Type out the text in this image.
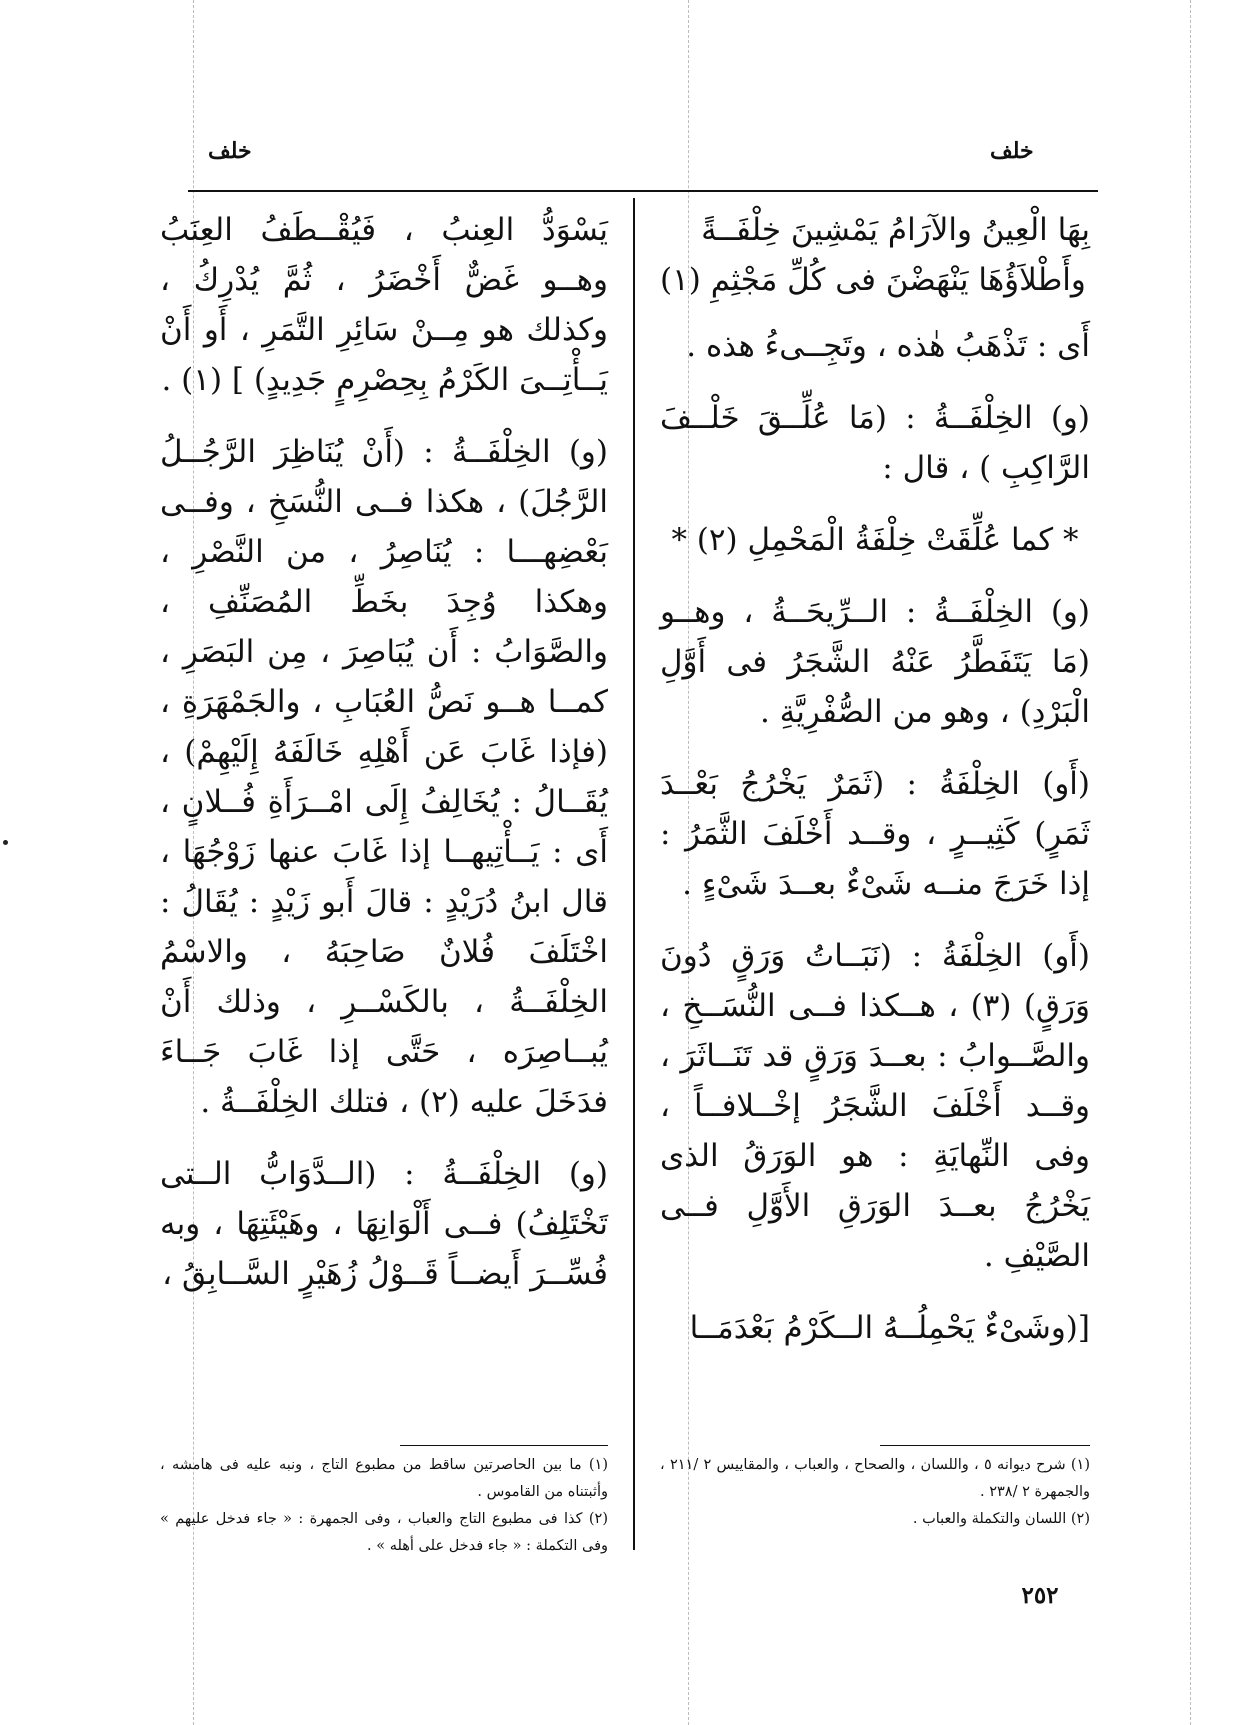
خلف
خلف
بِهَا الْعِينُ والآرَامُ يَمْشِينَ خِلْفَــةً
وأَطْلاَؤُهَا يَنْهَضْنَ فى كُلِّ مَجْثِمِ (١)

أَى : تَذْهَبُ هٰذه ، وتَجِــىءُ هذه .

(و) الخِلْفَــةُ : (مَا عُلِّــقَ خَلْــفَ الرَّاكِبِ ) ، قال :

* كما عُلِّقَتْ خِلْفَةُ الْمَحْمِلِ (٢) *

(و) الخِلْفَــةُ : الــرِّيحَــةُ ، وهــو (مَا يَتَفَطَّرُ عَنْهُ الشَّجَرُ فى أَوَّلِ الْبَرْدِ) ، وهو من الصُّفْرِيَّةِ .

(أَو) الخِلْفَةُ : (ثَمَرٌ يَخْرُجُ بَعْــدَ ثَمَرٍ) كَثِيــرٍ ، وقــد أَخْلَفَ الثَّمَرُ : إذا خَرَجَ منــه شَىْءٌ بعــدَ شَىْءٍ .

(أَو) الخِلْفَةُ : (نَبَــاتُ وَرَقٍ دُونَ وَرَقٍ) (٣) ، هــكذا فــى النُّسَــخِ ، والصَّــوابُ : بعــدَ وَرَقٍ قد تَنَــاثَرَ ، وقــد أَخْلَفَ الشَّجَرُ إخْــلافــاً ، وفى النِّهايَةِ : هو الوَرَقُ الذى يَخْرُجُ بعــدَ الوَرَقِ الأَوَّلِ فــى الصَّيْفِ .

[(وشَىْءٌ يَحْمِلُــهُ الــكَرْمُ بَعْدَمَــا

يَسْوَدُّ العِنبُ ، فَيُقْــطَفُ العِنَبُ وهــو غَضٌّ أَخْضَرُ ، ثُمَّ يُدْرِكُ ، وكذلك هو مِــنْ سَائِرِ التَّمَرِ ، أَو أَنْ يَــأْتِــىَ الكَرْمُ بِحِصْرِمٍ جَدِيدٍ) ] (١) .

(و) الخِلْفَــةُ : (أَنْ يُنَاظِرَ الرَّجُــلُ الرَّجُلَ) ، هكذا فــى النُّسَخِ ، وفــى بَعْضِهـــا : يُنَاصِرُ ، من النَّصْرِ ، وهكذا وُجِدَ بخَطِّ المُصَنِّفِ ، والصَّوَابُ : أَن يُبَاصِرَ ، مِن البَصَرِ ، كمــا هــو نَصُّ العُبَابِ ، والجَمْهَرَةِ ، (فإذا غَابَ عَن أَهْلِهِ خَالَفَهُ إِلَيْهِمْ) ، يُقَــالُ : يُخَالِفُ إِلَى امْــرَأَةِ فُــلانٍ ، أَى : يَــأْتِيهــا إذا غَابَ عنها زَوْجُهَا ، قال ابنُ دُرَيْدٍ : قالَ أَبو زَيْدٍ : يُقَالُ : اخْتَلَفَ فُلانٌ صَاحِبَهُ ، والاسْمُ الخِلْفَــةُ ، بالكَسْــرِ ، وذلك أَنْ يُبــاصِرَه ، حَتَّى إذا غَابَ جَــاءَ فدَخَلَ عليه (٢) ، فتلك الخِلْفَــةُ .

(و) الخِلْفَــةُ : (الــدَّوَابُّ الــتى تَخْتَلِفُ) فــى أَلْوَانِهَا ، وهَيْئَتِهَا ، وبه فُسِّــرَ أَيضــاً قَــوْلُ زُهَيْرٍ السَّــابِقُ ،

(١) ما بين الحاصرتين ساقط من مطبوع التاج ، ونبه عليه فى هامشه ، وأثبتناه من القاموس .
(٢) كذا فى مطبوع التاج والعباب ، وفى الجمهرة : « جاء فدخل عليهم » وفى التكملة : « جاء فدخل على أهله » .
(١) شرح ديوانه ٥ ، واللسان ، والصحاح ، والعباب ، والمقاييس ٢ /٢١١ ، والجمهرة ٢ /٢٣٨ .
(٢) اللسان والتكملة والعباب .
٢٥٢
